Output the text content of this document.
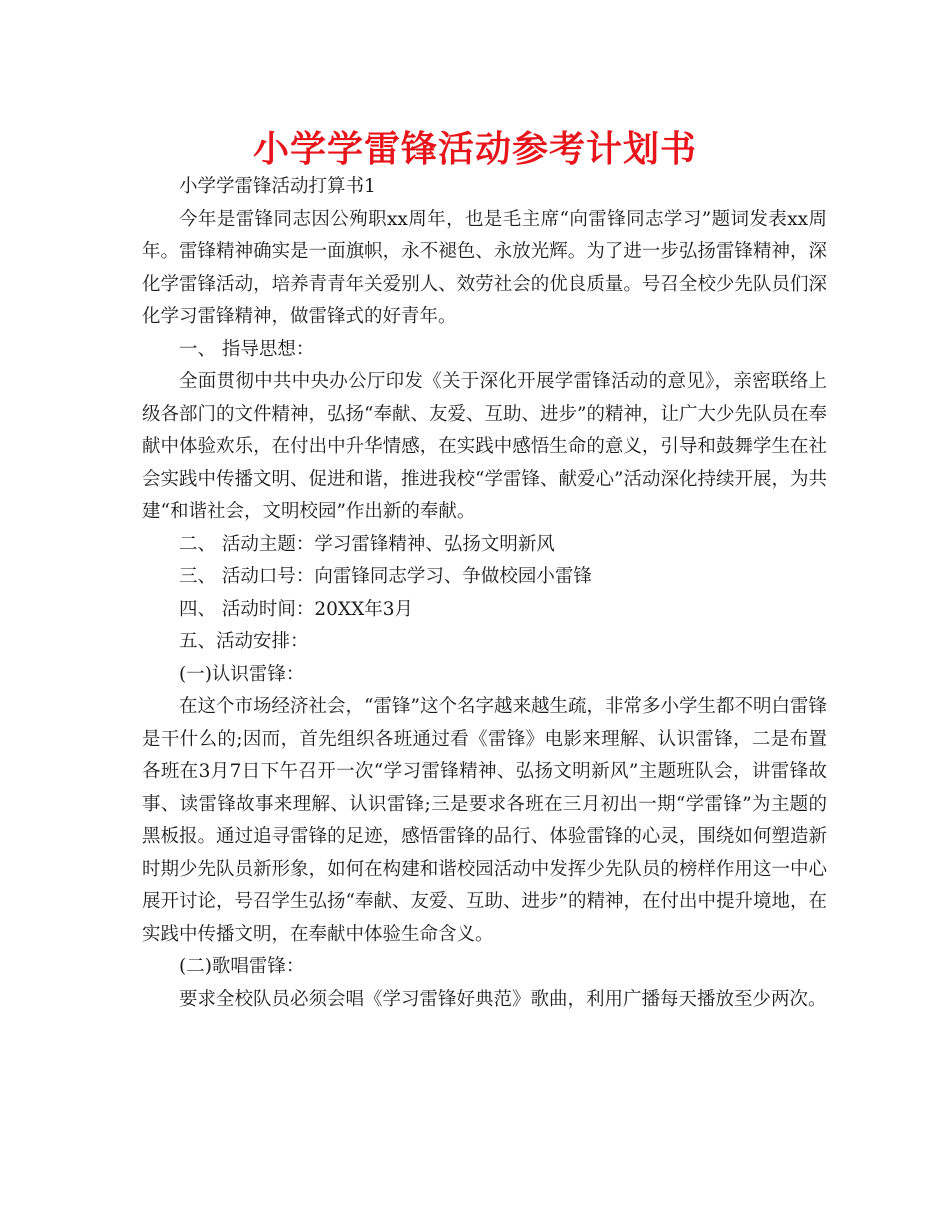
小学学雷锋活动参考计划书

小学学雷锋活动打算书1

今年是雷锋同志因公殉职xx周年，也是毛主席“向雷锋同志学习”题词发表xx周年。雷锋精神确实是一面旗帜，永不褪色、永放光辉。为了进一步弘扬雷锋精神，深化学雷锋活动，培养青青年关爱别人、效劳社会的优良质量。号召全校少先队员们深化学习雷锋精神，做雷锋式的好青年。

一、 指导思想：

全面贯彻中共中央办公厅印发《关于深化开展学雷锋活动的意见》，亲密联络上级各部门的文件精神，弘扬“奉献、友爱、互助、进步”的精神，让广大少先队员在奉献中体验欢乐，在付出中升华情感，在实践中感悟生命的意义，引导和鼓舞学生在社会实践中传播文明、促进和谐，推进我校“学雷锋、献爱心”活动深化持续开展，为共建“和谐社会，文明校园”作出新的奉献。

二、 活动主题：学习雷锋精神、弘扬文明新风

三、 活动口号：向雷锋同志学习、争做校园小雷锋

四、 活动时间：20XX年3月

五、活动安排：

(一)认识雷锋：

在这个市场经济社会，“雷锋”这个名字越来越生疏，非常多小学生都不明白雷锋是干什么的;因而，首先组织各班通过看《雷锋》电影来理解、认识雷锋，二是布置各班在3月7日下午召开一次“学习雷锋精神、弘扬文明新风”主题班队会，讲雷锋故事、读雷锋故事来理解、认识雷锋;三是要求各班在三月初出一期“学雷锋”为主题的黑板报。通过追寻雷锋的足迹，感悟雷锋的品行、体验雷锋的心灵，围绕如何塑造新时期少先队员新形象，如何在构建和谐校园活动中发挥少先队员的榜样作用这一中心展开讨论，号召学生弘扬“奉献、友爱、互助、进步”的精神，在付出中提升境地，在实践中传播文明，在奉献中体验生命含义。

(二)歌唱雷锋：

要求全校队员必须会唱《学习雷锋好典范》歌曲，利用广播每天播放至少两次。
